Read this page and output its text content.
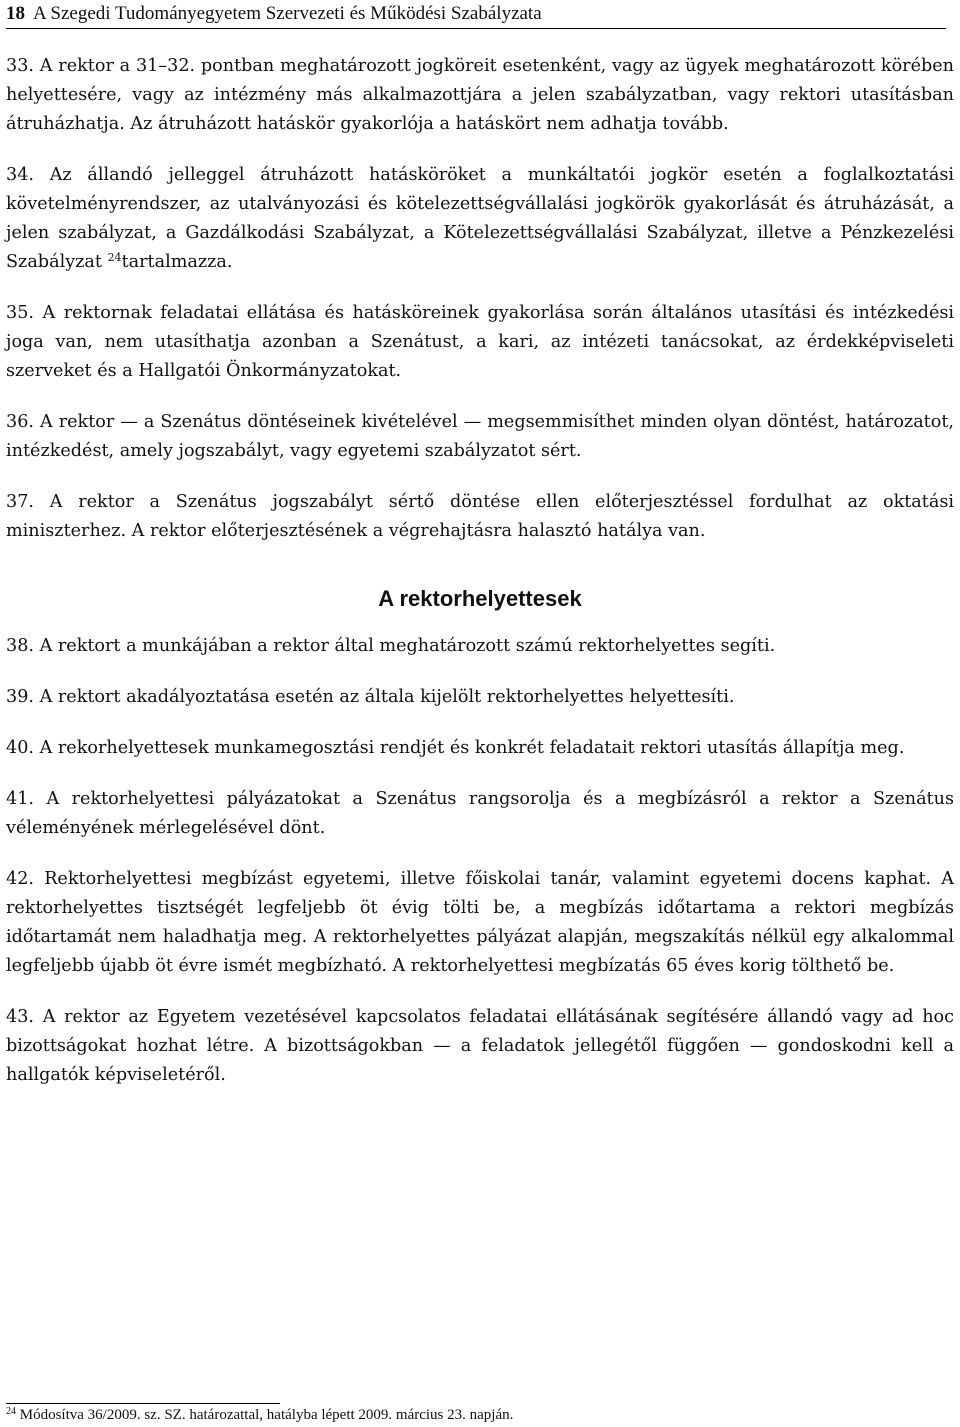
18 A Szegedi Tudományegyetem Szervezeti és Működési Szabályzata

33. A rektor a 31–32. pontban meghatározott jogköreit esetenként, vagy az ügyek meghatározott körében helyettesére, vagy az intézmény más alkalmazottjára a jelen szabályzatban, vagy rektori utasításban átruházhatja. Az átruházott hatáskör gyakorlója a hatáskört nem adhatja tovább.

34. Az állandó jelleggel átruházott hatásköröket a munkáltatói jogkör esetén a foglalkoztatási követelményrendszer, az utalványozási és kötelezettségvállalási jogkörök gyakorlását és átruházását, a jelen szabályzat, a Gazdálkodási Szabályzat, a Kötelezettségvállalási Szabályzat, illetve a Pénzkezelési Szabályzat $^{24}$tartalmazza.

35. A rektornak feladatai ellátása és hatásköreinek gyakorlása során általános utasítási és intézkedési joga van, nem utasíthatja azonban a Szenátust, a kari, az intézeti tanácsokat, az érdekképviseleti szerveket és a Hallgatói Önkormányzatokat.

36. A rektor — a Szenátus döntéseinek kivételével — megsemmisíthet minden olyan döntést, határozatot, intézkedést, amely jogszabályt, vagy egyetemi szabályzatot sért.

37. A rektor a Szenátus jogszabályt sértő döntése ellen előterjesztéssel fordulhat az oktatási miniszterhez. A rektor előterjesztésének a végrehajtásra halasztó hatálya van.

A rektorhelyettesek

38. A rektort a munkájában a rektor által meghatározott számú rektorhelyettes segíti.

39. A rektort akadályoztatása esetén az általa kijelölt rektorhelyettes helyettesíti.

40. A rekorhelyettesek munkamegosztási rendjét és konkrét feladatait rektori utasítás állapítja meg.

41. A rektorhelyettesi pályázatokat a Szenátus rangsorolja és a megbízásról a rektor a Szenátus véleményének mérlegelésével dönt.

42. Rektorhelyettesi megbízást egyetemi, illetve főiskolai tanár, valamint egyetemi docens kaphat. A rektorhelyettes tisztségét legfeljebb öt évig tölti be, a megbízás időtartama a rektori megbízás időtartamát nem haladhatja meg. A rektorhelyettes pályázat alapján, megszakítás nélkül egy alkalommal legfeljebb újabb öt évre ismét megbízható. A rektorhelyettesi megbízatás 65 éves korig tölthető be.

43. A rektor az Egyetem vezetésével kapcsolatos feladatai ellátásának segítésére állandó vagy ad hoc bizottságokat hozhat létre. A bizottságokban — a feladatok jellegétől függően — gondoskodni kell a hallgatók képviseletéről.

$^{24}$ Módosítva 36/2009. sz. SZ. határozattal, hatályba lépett 2009. március 23. napján.
